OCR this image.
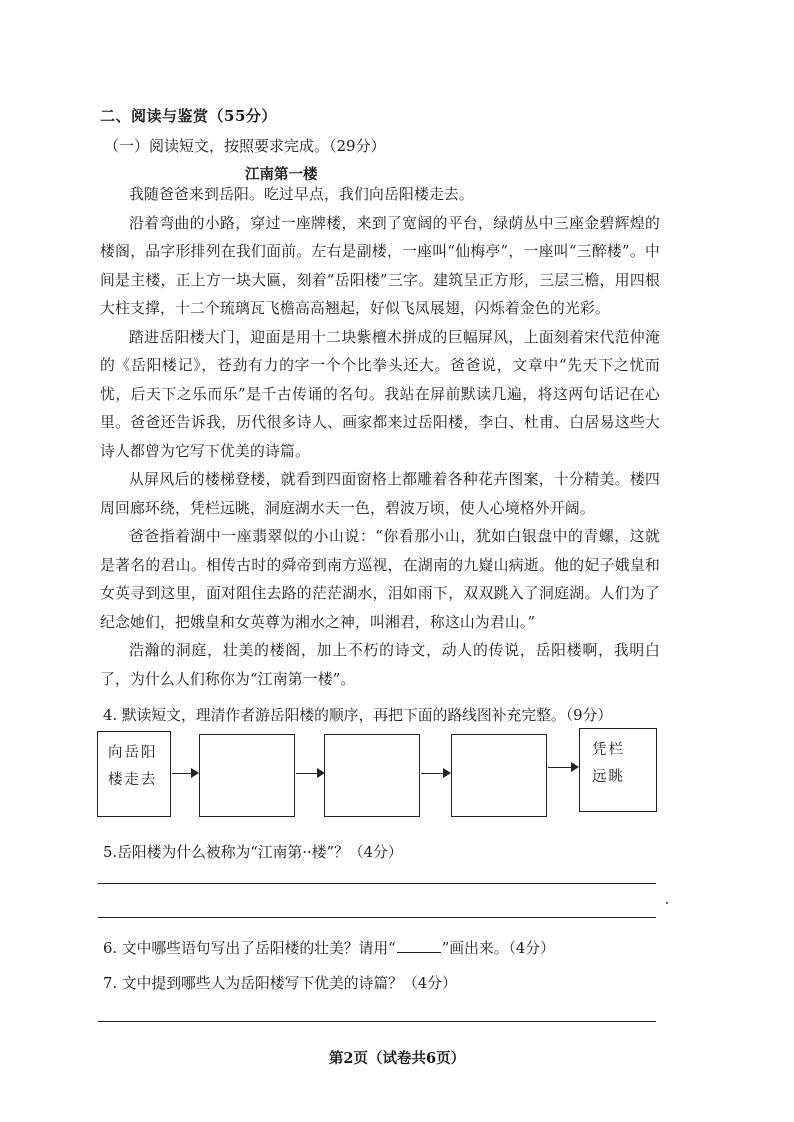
二、阅读与鉴赏（55分）
（一）阅读短文，按照要求完成。（29分）
江南第一楼

我随爸爸来到岳阳。吃过早点，我们向岳阳楼走去。

沿着弯曲的小路，穿过一座牌楼，来到了宽阔的平台，绿荫丛中三座金碧辉煌的楼阁，品字形排列在我们面前。左右是副楼，一座叫“仙梅亭”，一座叫“三醉楼”。中间是主楼，正上方一块大匾，刻着“岳阳楼”三字。建筑呈正方形，三层三檐，用四根大柱支撑，十二个琉璃瓦飞檐高高翘起，好似飞凤展翅，闪烁着金色的光彩。

踏进岳阳楼大门，迎面是用十二块紫檀木拼成的巨幅屏风，上面刻着宋代范仲淹的《岳阳楼记》，苍劲有力的字一个个比拳头还大。爸爸说，文章中“先天下之忧而忧，后天下之乐而乐”是千古传诵的名句。我站在屏前默读几遍，将这两句话记在心里。爸爸还告诉我，历代很多诗人、画家都来过岳阳楼，李白、杜甫、白居易这些大诗人都曾为它写下优美的诗篇。

从屏风后的楼梯登楼，就看到四面窗格上都雕着各种花卉图案，十分精美。楼四周回廊环绕，凭栏远眺，洞庭湖水天一色，碧波万顷，使人心境格外开阔。

爸爸指着湖中一座翡翠似的小山说：“你看那小山，犹如白银盘中的青螺，这就是著名的君山。相传古时的舜帝到南方巡视，在湖南的九嶷山病逝。他的妃子娥皇和女英寻到这里，面对阻住去路的茫茫湖水，泪如雨下，双双跳入了洞庭湖。人们为了纪念她们，把娥皇和女英尊为湘水之神，叫湘君，称这山为君山。”

浩瀚的洞庭，壮美的楼阁，加上不朽的诗文，动人的传说，岳阳楼啊，我明白了，为什么人们称你为“江南第一楼”。

4. 默读短文，理清作者游岳阳楼的顺序，再把下面的路线图补充完整。（9分）
向岳阳楼走去
凭栏远眺
5.岳阳楼为什么被称为“江南第··楼”？（4分）
6. 文中哪些语句写出了岳阳楼的壮美？请用“	”画出来。（4分）
7. 文中提到哪些人为岳阳楼写下优美的诗篇？（4分）
第2页（试卷共6页）
